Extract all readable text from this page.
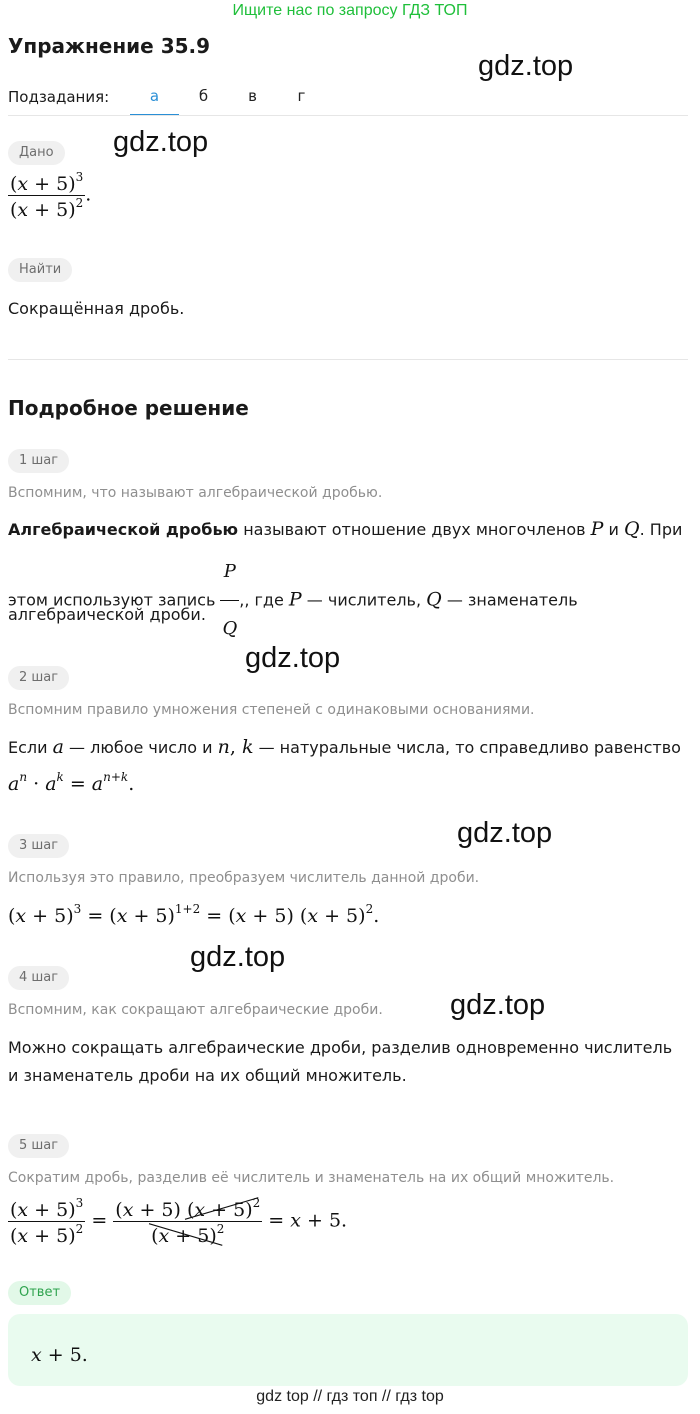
Ищите нас по запросу ГДЗ ТОП
Упражнение 35.9
gdz.top
gdz.top
gdz.top
gdz.top
gdz.top
gdz.top
Подзадания:	а	б	в	г
Дано
$\frac{(x + 5)^3}{(x + 5)^2}$ .
Найти
Сокращённая дробь.
Подробное решение
1 шаг
Вспомним, что называют алгебраической дробью.
Алгебраической дробью называют отношение двух многочленов P и Q. При
этом используют запись $\frac{P}{Q}$ ,, где P — числитель, Q — знаменатель
алгебраической дроби.
2 шаг
Вспомним правило умножения степеней с одинаковыми основаниями.
Если a — любое число и n, k — натуральные числа, то справедливо равенство
$a^n \cdot a^k = a^{n+k}$.
3 шаг
Используя это правило, преобразуем числитель данной дроби.
$(x + 5)^3 = (x + 5)^{1+2} = (x + 5)$ $(x + 5)^2$.
4 шаг
Вспомним, как сокращают алгебраические дроби.
Можно сокращать алгебраические дроби, разделив одновременно числитель
и знаменатель дроби на их общий множитель.
5 шаг
Сократим дробь, разделив её числитель и знаменатель на их общий множитель.
$\frac{(x + 5)^3}{(x + 5)^2} = \frac{(x + 5) (x + 5)^2}{(x + 5)^2} = x + 5$.
Ответ
x + 5.
gdz top // гдз топ // гдз top
